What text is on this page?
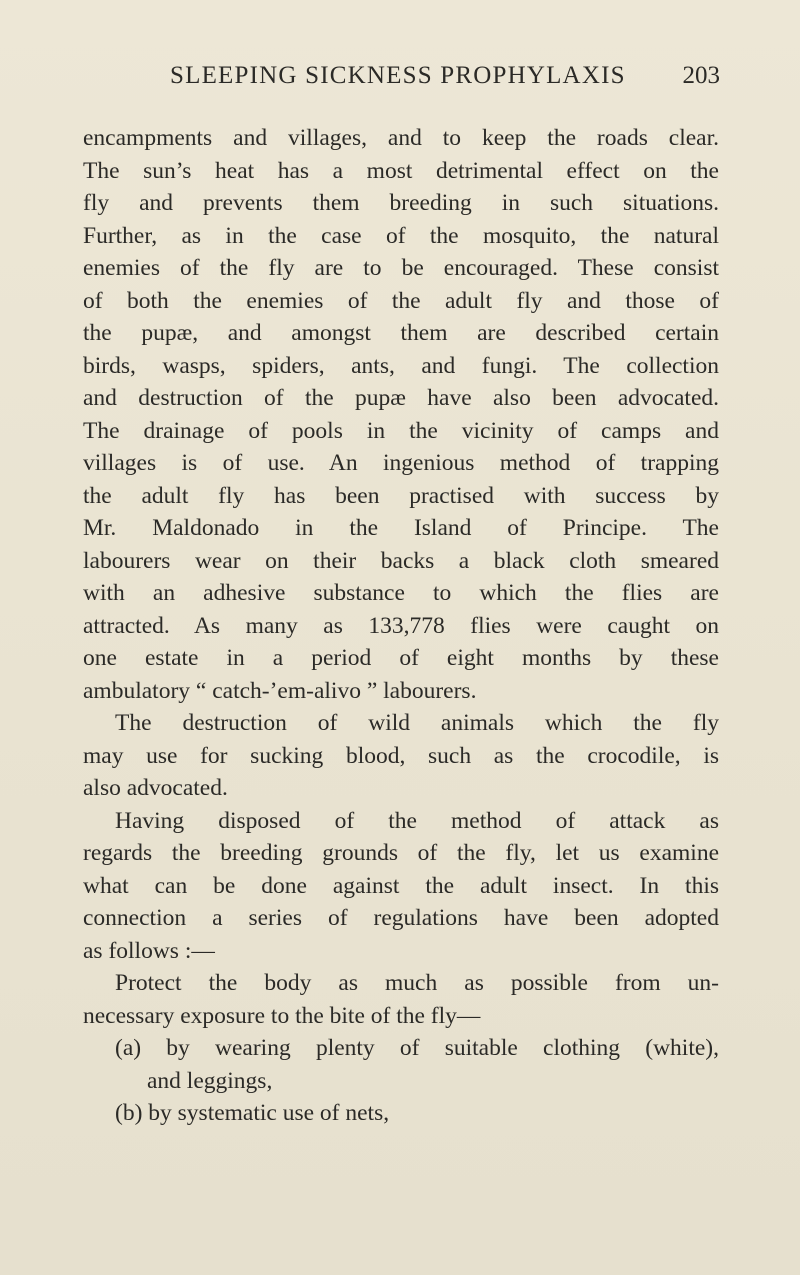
SLEEPING SICKNESS PROPHYLAXIS 203
encampments and villages, and to keep the roads clear.
The sun’s heat has a most detrimental effect on the
fly and prevents them breeding in such situations.
Further, as in the case of the mosquito, the natural
enemies of the fly are to be encouraged. These consist
of both the enemies of the adult fly and those of
the pupæ, and amongst them are described certain
birds, wasps, spiders, ants, and fungi. The collection
and destruction of the pupæ have also been advocated.
The drainage of pools in the vicinity of camps and
villages is of use. An ingenious method of trapping
the adult fly has been practised with success by
Mr. Maldonado in the Island of Principe. The
labourers wear on their backs a black cloth smeared
with an adhesive substance to which the flies are
attracted. As many as 133,778 flies were caught on
one estate in a period of eight months by these
ambulatory “ catch-’em-alivo ” labourers.
The destruction of wild animals which the fly
may use for sucking blood, such as the crocodile, is
also advocated.
Having disposed of the method of attack as
regards the breeding grounds of the fly, let us examine
what can be done against the adult insect. In this
connection a series of regulations have been adopted
as follows :—
Protect the body as much as possible from un-
necessary exposure to the bite of the fly—
(a) by wearing plenty of suitable clothing (white),
and leggings,
(b) by systematic use of nets,
